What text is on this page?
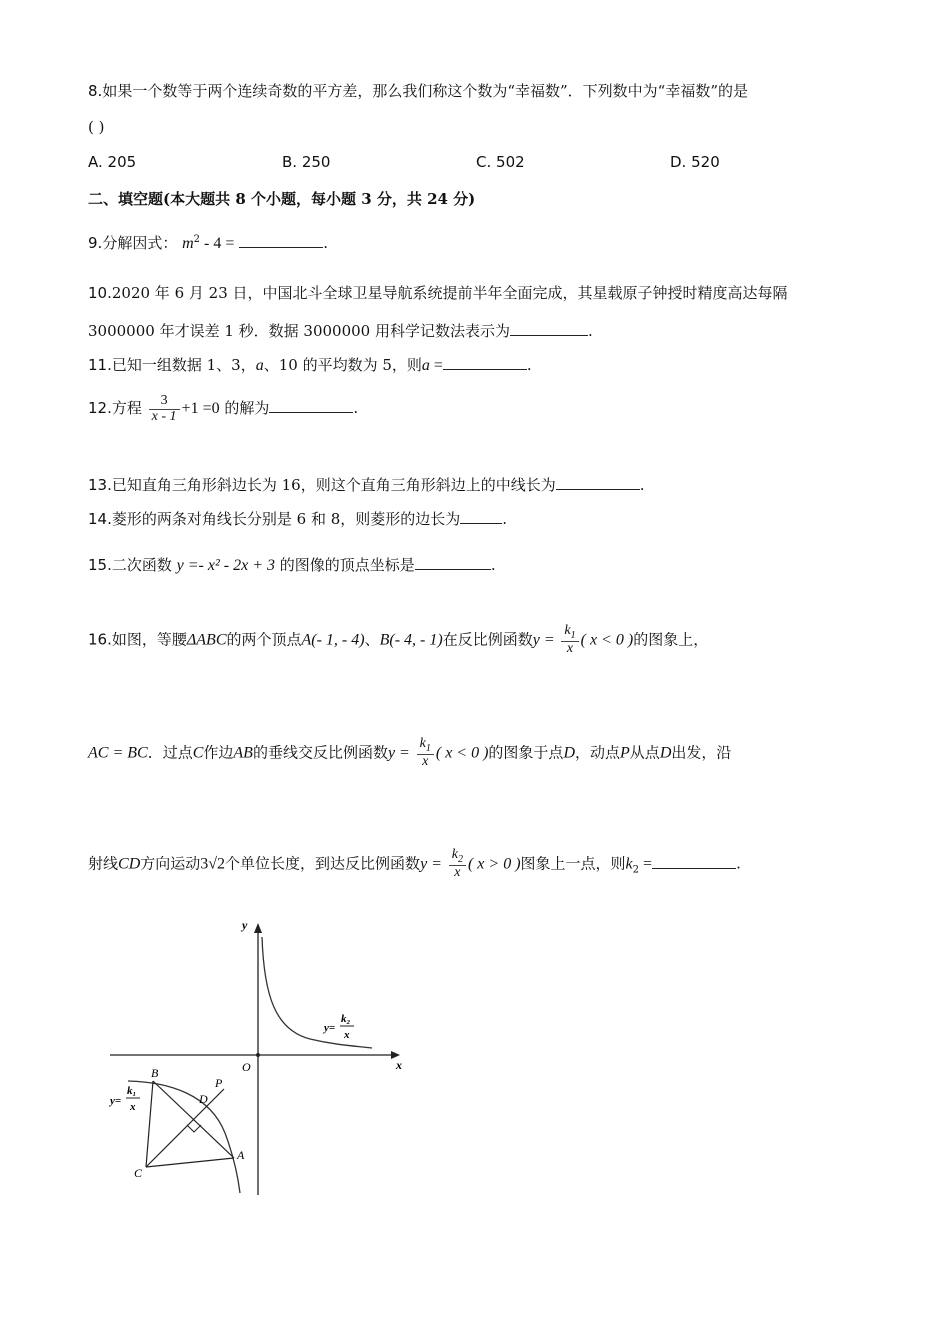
8.如果一个数等于两个连续奇数的平方差，那么我们称这个数为“幸福数”．下列数中为“幸福数”的是
( )
A. 205	B. 250	C. 502	D. 520
二、填空题(本大题共 8 个小题，每小题 3 分，共 24 分)
9.分解因式： $m^2 - 4$ =	.
10.2020 年 6 月 23 日，中国北斗全球卫星导航系统提前半年全面完成，其星载原子钟授时精度高达每隔
3000000 年才误差 1 秒．数据 3000000 用科学记数法表示为	.
11.已知一组数据 1、3，a、10 的平均数为 5，则a =	.
12.方程 $\frac{3}{x - 1} +1 =0$ 的解为	.
13.已知直角三角形斜边长为 16，则这个直角三角形斜边上的中线长为	.
14.菱形的两条对角线长分别是 6 和 8，则菱形的边长为	.
15.二次函数 y =- x² - 2x + 3 的图像的顶点坐标是	.
16.如图，等腰ΔABC的两个顶点A(- 1, - 4)、B(- 4, - 1)在反比例函数$y = \frac{k_1}{x}$ ( x < 0 )的图象上，
AC = BC．过点C作边AB的垂线交反比例函数$y = \frac{k_1}{x}$ ( x < 0 )的图象于点D，动点P从点D出发，沿
射线CD方向运动3√2个单位长度，到达反比例函数$y = \frac{k_2}{x}$ ( x > 0 )图象上一点，则$k_2$ =	.
y
x
O
y=
k₂
x
y=
k₁
x
B
P
D
A
C
